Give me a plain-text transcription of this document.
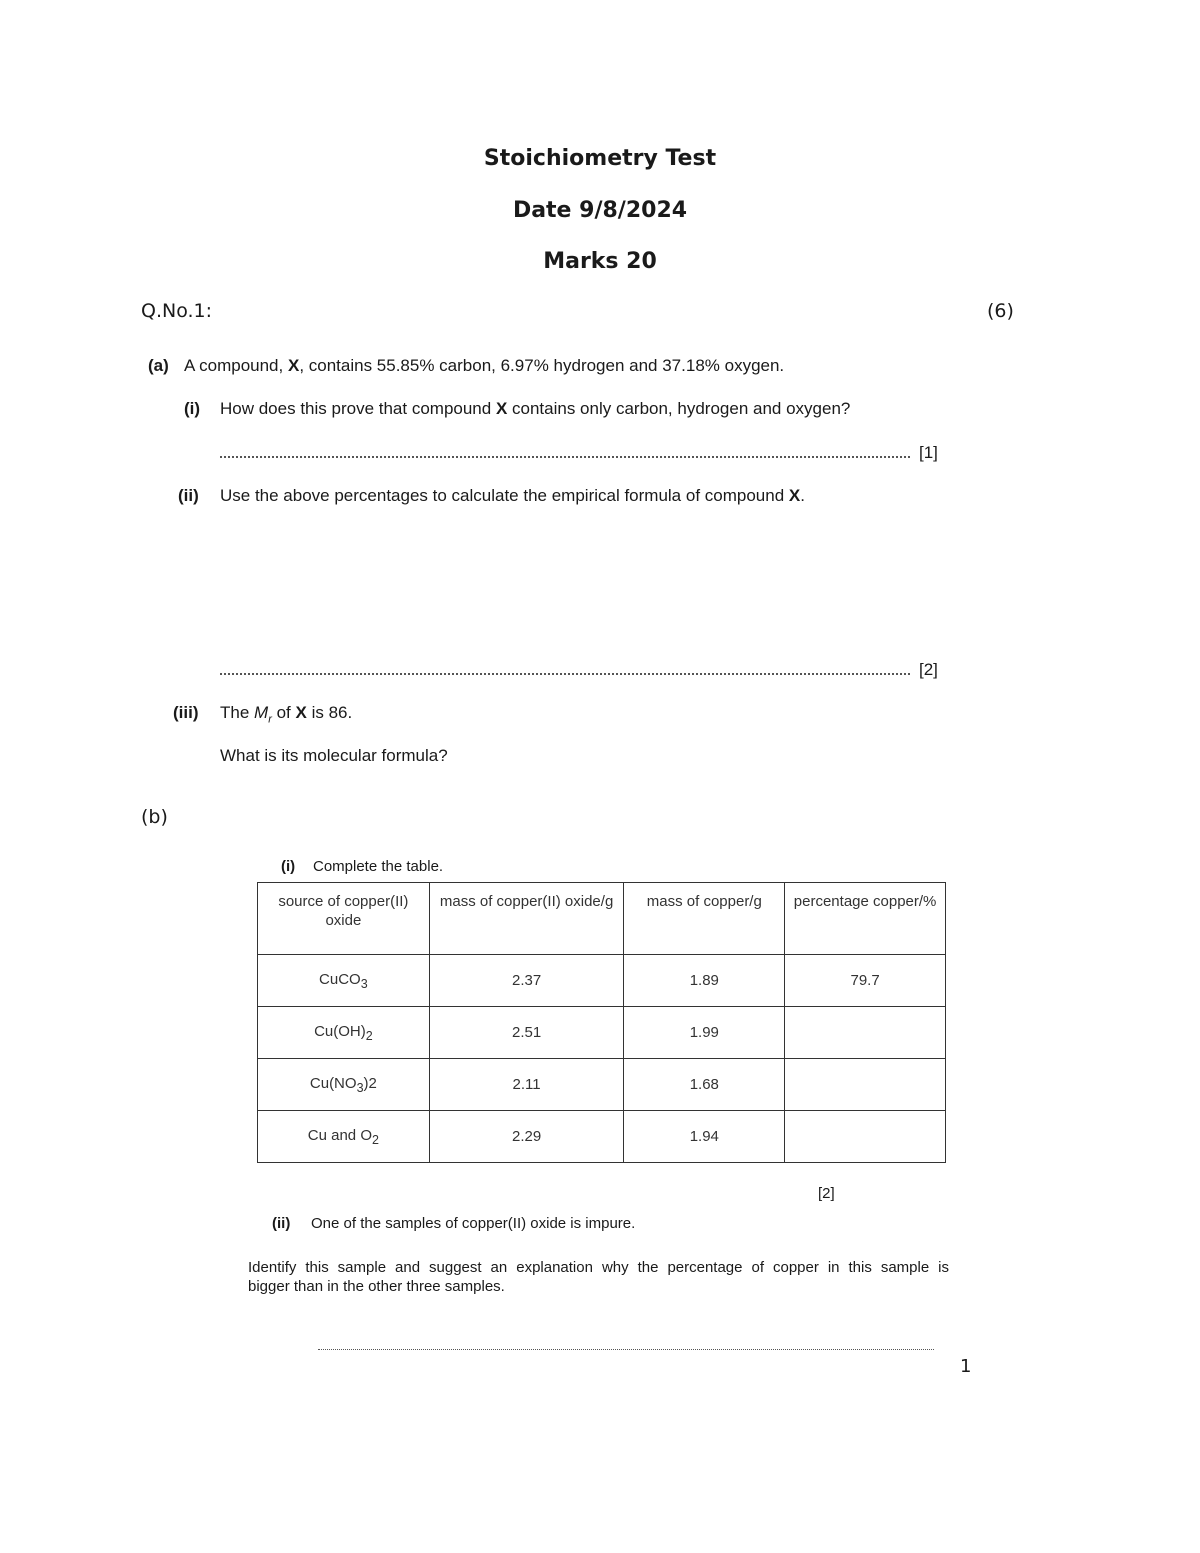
Stoichiometry Test
Date 9/8/2024
Marks 20
Q.No.1:	(6)
(a) A compound, X, contains 55.85% carbon, 6.97% hydrogen and 37.18% oxygen.
(i) How does this prove that compound X contains only carbon, hydrogen and oxygen?
[1]
(ii) Use the above percentages to calculate the empirical formula of compound X.
[2]
(iii) The $M_r$ of X is 86.
What is its molecular formula?
(b)
(i) Complete the table.
source of copper(II) oxide	mass of copper(II) oxide/g	mass of copper/g	percentage copper/%
CuCO$_3$	2.37	1.89	79.7
$Cu(OH)_2$	2.51	1.99	
$Cu(NO_3)2$	2.11	1.68	
Cu and $O_2$	2.29	1.94	
[2]
(ii) One of the samples of copper(II) oxide is impure.
Identify this sample and suggest an explanation why the percentage of copper in this sample is
bigger than in the other three samples.
1
